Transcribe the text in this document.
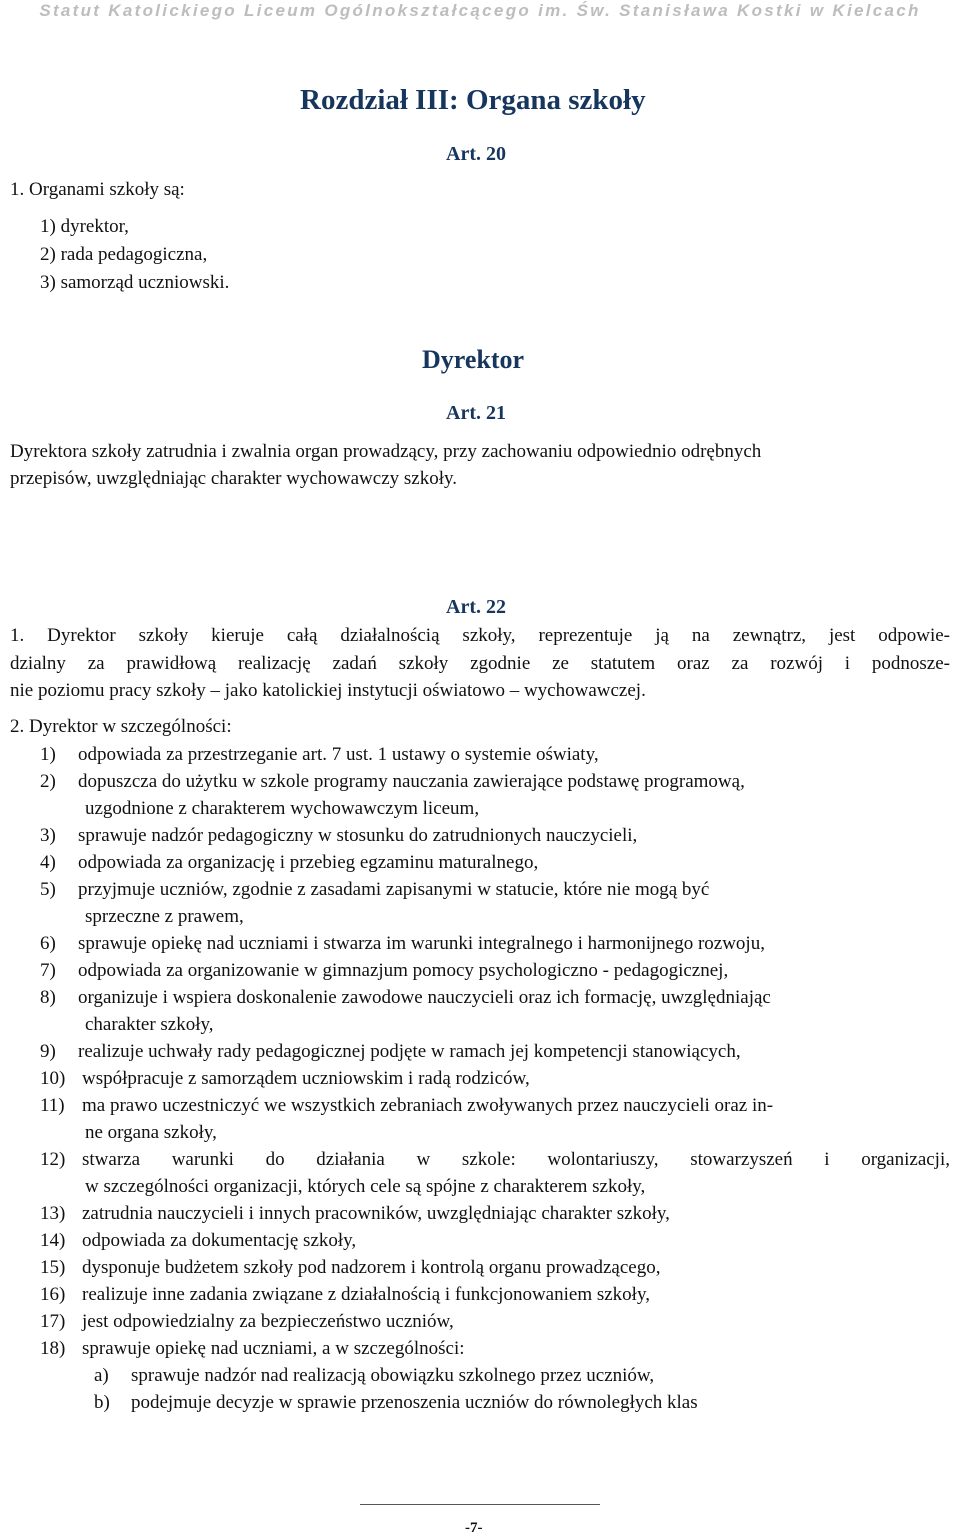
Statut Katolickiego Liceum Ogólnokształcącego im. Św. Stanisława Kostki w Kielcach
Rozdział III: Organa szkoły
Art. 20
1. Organami szkoły są:
1) dyrektor,
2) rada pedagogiczna,
3) samorząd uczniowski.
Dyrektor
Art. 21
Dyrektora szkoły zatrudnia i zwalnia organ prowadzący, przy zachowaniu odpowiednio odrębnych
przepisów, uwzględniając charakter wychowawczy szkoły.
Art. 22
1. Dyrektor szkoły kieruje całą działalnością szkoły, reprezentuje ją na zewnątrz, jest odpowie-
dzialny za prawidłową realizację zadań szkoły zgodnie ze statutem oraz za rozwój i podnosze-
nie poziomu pracy szkoły – jako katolickiej instytucji oświatowo – wychowawczej.
2. Dyrektor w szczególności:
1) odpowiada za przestrzeganie art. 7 ust. 1 ustawy o systemie oświaty,
2) dopuszcza do użytku w szkole programy nauczania zawierające podstawę programową,
uzgodnione z charakterem wychowawczym liceum,
3) sprawuje nadzór pedagogiczny w stosunku do zatrudnionych nauczycieli,
4) odpowiada za organizację i przebieg egzaminu maturalnego,
5) przyjmuje uczniów, zgodnie z zasadami zapisanymi w statucie, które nie mogą być
sprzeczne z prawem,
6) sprawuje opiekę nad uczniami i stwarza im warunki integralnego i harmonijnego rozwoju,
7) odpowiada za organizowanie w gimnazjum pomocy psychologiczno - pedagogicznej,
8) organizuje i wspiera doskonalenie zawodowe nauczycieli oraz ich formację, uwzględniając
charakter szkoły,
9) realizuje uchwały rady pedagogicznej podjęte w ramach jej kompetencji stanowiących,
10) współpracuje z samorządem uczniowskim i radą rodziców,
11) ma prawo uczestniczyć we wszystkich zebraniach zwoływanych przez nauczycieli oraz in-
ne organa szkoły,
12) stwarza warunki do działania w szkole: wolontariuszy, stowarzyszeń i organizacji,
w szczególności organizacji, których cele są spójne z charakterem szkoły,
13) zatrudnia nauczycieli i innych pracowników, uwzględniając charakter szkoły,
14) odpowiada za dokumentację szkoły,
15) dysponuje budżetem szkoły pod nadzorem i kontrolą organu prowadzącego,
16) realizuje inne zadania związane z działalnością i funkcjonowaniem szkoły,
17) jest odpowiedzialny za bezpieczeństwo uczniów,
18) sprawuje opiekę nad uczniami, a w szczególności:
a) sprawuje nadzór nad realizacją obowiązku szkolnego przez uczniów,
b) podejmuje decyzje w sprawie przenoszenia uczniów do równoległych klas
-7-
